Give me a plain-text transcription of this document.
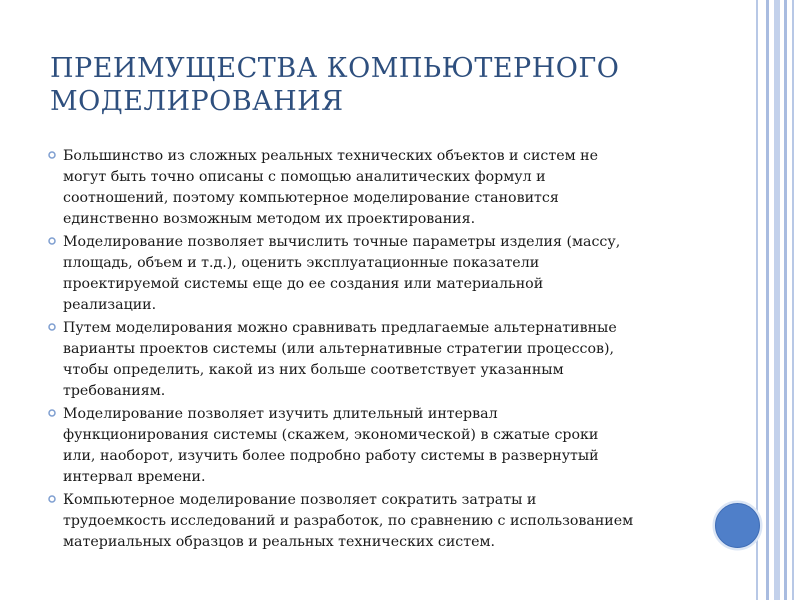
ПРЕИМУЩЕСТВА КОМПЬЮТЕРНОГО
МОДЕЛИРОВАНИЯ
Большинство из сложных реальных технических объектов и систем не
могут быть точно описаны с помощью аналитических формул и
соотношений, поэтому компьютерное моделирование становится
единственно возможным методом их проектирования.
Моделирование позволяет вычислить точные параметры изделия (массу,
площадь, объем и т.д.), оценить эксплуатационные показатели
проектируемой системы еще до ее создания или материальной
реализации.
Путем моделирования можно сравнивать предлагаемые альтернативные
варианты проектов системы (или альтернативные стратегии процессов),
чтобы определить, какой из них больше соответствует указанным
требованиям.
Моделирование позволяет изучить длительный интервал
функционирования системы (скажем, экономической) в сжатые сроки
или, наоборот, изучить более подробно работу системы в развернутый
интервал времени.
Компьютерное моделирование позволяет сократить затраты и
трудоемкость исследований и разработок, по сравнению с использованием
материальных образцов и реальных технических систем.
